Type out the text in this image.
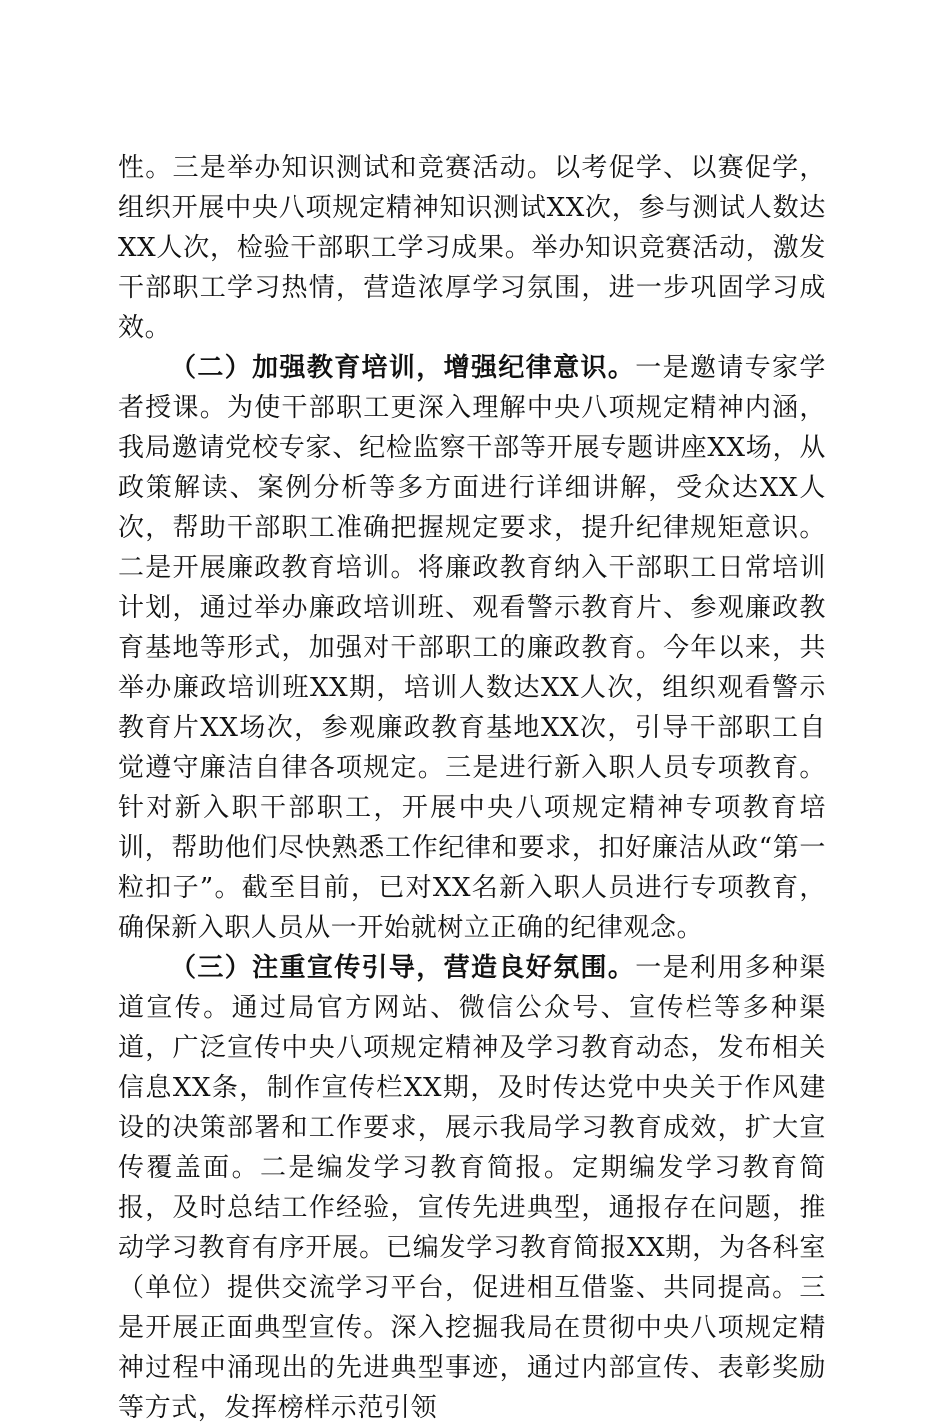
性。三是举办知识测试和竞赛活动。以考促学、以赛促学，组织开展中央八项规定精神知识测试XX次，参与测试人数达XX人次，检验干部职工学习成果。举办知识竞赛活动，激发干部职工学习热情，营造浓厚学习氛围，进一步巩固学习成效。

（二）加强教育培训，增强纪律意识。一是邀请专家学者授课。为使干部职工更深入理解中央八项规定精神内涵，我局邀请党校专家、纪检监察干部等开展专题讲座XX场，从政策解读、案例分析等多方面进行详细讲解，受众达XX人次，帮助干部职工准确把握规定要求，提升纪律规矩意识。二是开展廉政教育培训。将廉政教育纳入干部职工日常培训计划，通过举办廉政培训班、观看警示教育片、参观廉政教育基地等形式，加强对干部职工的廉政教育。今年以来，共举办廉政培训班XX期，培训人数达XX人次，组织观看警示教育片XX场次，参观廉政教育基地XX次，引导干部职工自觉遵守廉洁自律各项规定。三是进行新入职人员专项教育。针对新入职干部职工，开展中央八项规定精神专项教育培训，帮助他们尽快熟悉工作纪律和要求，扣好廉洁从政“第一粒扣子”。截至目前，已对XX名新入职人员进行专项教育，确保新入职人员从一开始就树立正确的纪律观念。

（三）注重宣传引导，营造良好氛围。一是利用多种渠道宣传。通过局官方网站、微信公众号、宣传栏等多种渠道，广泛宣传中央八项规定精神及学习教育动态，发布相关信息XX条，制作宣传栏XX期，及时传达党中央关于作风建设的决策部署和工作要求，展示我局学习教育成效，扩大宣传覆盖面。二是编发学习教育简报。定期编发学习教育简报，及时总结工作经验，宣传先进典型，通报存在问题，推动学习教育有序开展。已编发学习教育简报XX期，为各科室（单位）提供交流学习平台，促进相互借鉴、共同提高。三是开展正面典型宣传。深入挖掘我局在贯彻中央八项规定精神过程中涌现出的先进典型事迹，通过内部宣传、表彰奖励等方式，发挥榜样示范引领
